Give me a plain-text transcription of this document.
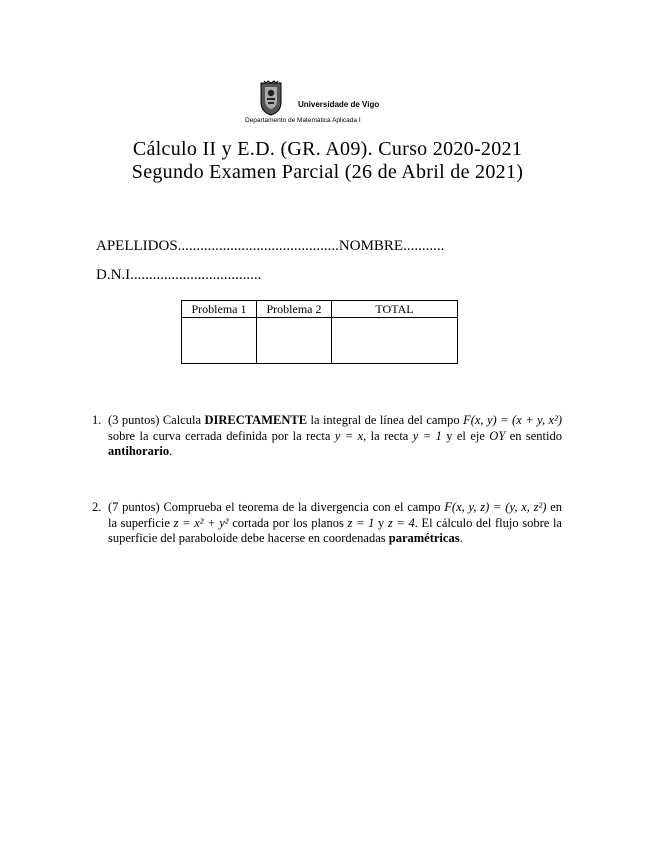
Universidade de Vigo
Departamento de Matemática Aplicada I
Cálculo II y E.D. (GR. A09). Curso 2020-2021
Segundo Examen Parcial (26 de Abril de 2021)
APELLIDOS...........................................NOMBRE...........
D.N.I...................................
Problema 1	Problema 2	TOTAL

1. (3 puntos) Calcula DIRECTAMENTE la integral de línea del campo F(x, y) = (x + y, x²) sobre la curva cerrada definida por la recta y = x, la recta y = 1 y el eje OY en sentido antihorario.
2. (7 puntos) Comprueba el teorema de la divergencia con el campo F(x, y, z) = (y, x, z²) en la superficie z = x² + y² cortada por los planos z = 1 y z = 4. El cálculo del flujo sobre la superficie del paraboloide debe hacerse en coordenadas paramétricas.
